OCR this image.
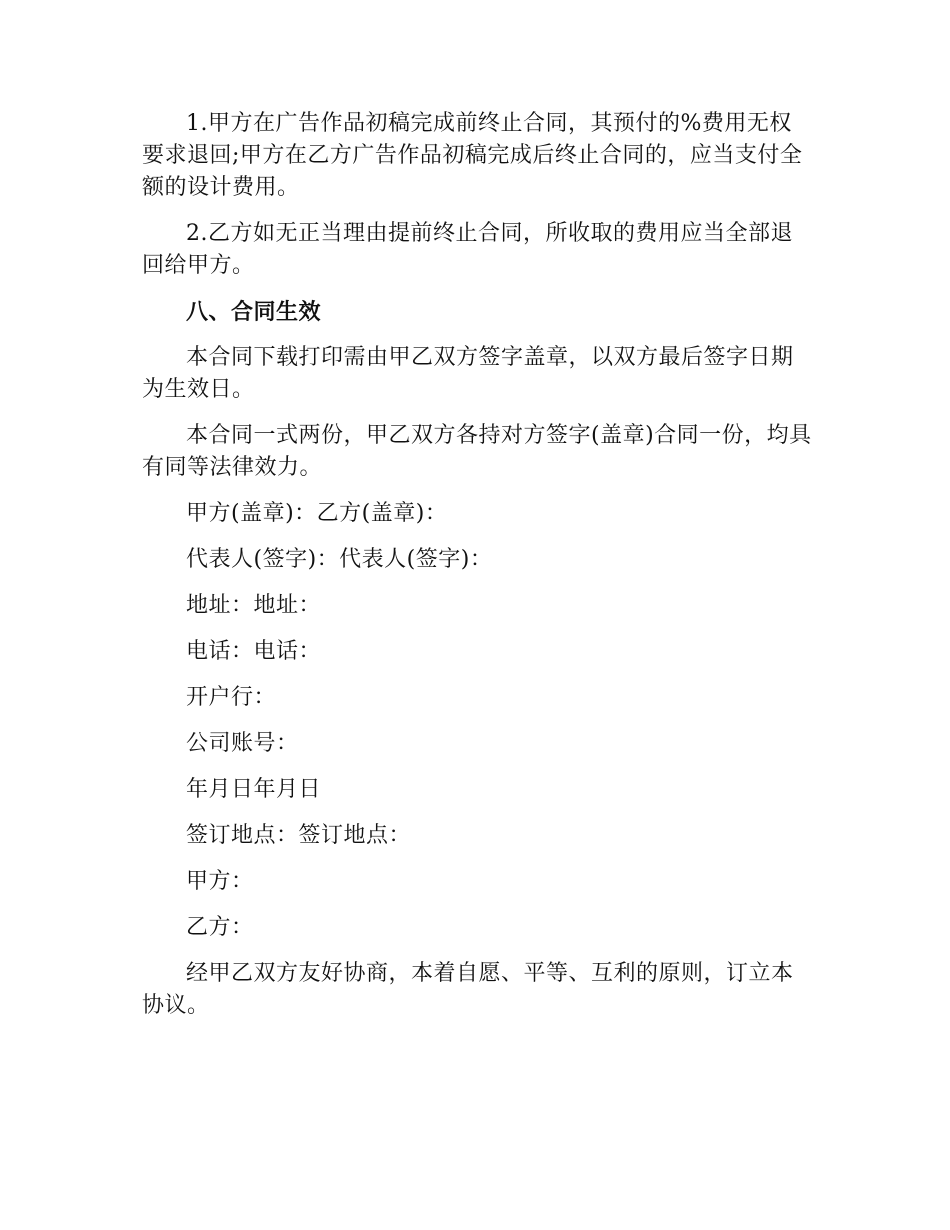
1.甲方在广告作品初稿完成前终止合同，其预付的%费用无权要求退回;甲方在乙方广告作品初稿完成后终止合同的，应当支付全额的设计费用。

2.乙方如无正当理由提前终止合同，所收取的费用应当全部退回给甲方。

八、合同生效

本合同下载打印需由甲乙双方签字盖章，以双方最后签字日期为生效日。

本合同一式两份，甲乙双方各持对方签字(盖章)合同一份，均具有同等法律效力。

甲方(盖章)：乙方(盖章)：

代表人(签字)：代表人(签字)：

地址：地址：

电话：电话：

开户行：

公司账号：

年月日年月日

签订地点：签订地点：

甲方：

乙方：

经甲乙双方友好协商，本着自愿、平等、互利的原则，订立本协议。
